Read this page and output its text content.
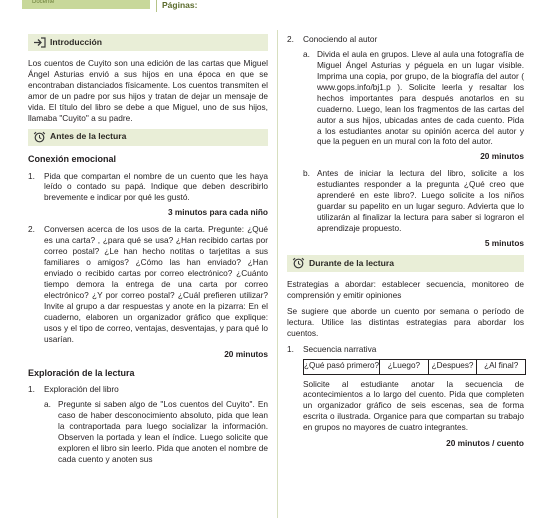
Docente	Páginas:
Introducción

Los cuentos de Cuyito son una edición de las cartas que Miguel Ángel Asturias envió a sus hijos en una época en que se encontraban distanciados físicamente. Los cuentos transmiten el amor de un padre por sus hijos y tratan de dejar un mensaje de vida. El título del libro se debe a que Miguel, uno de sus hijos, llamaba "Cuyito" a su padre.

Antes de la lectura
Conexión emocional
1.	Pida que compartan el nombre de un cuento que les haya leído o contado su papá. Indique que deben describirlo brevemente e indicar por qué les gustó.
3 minutos para cada niño
2.	Conversen acerca de los usos de la carta. Pregunte: ¿Qué es una carta? , ¿para qué se usa? ¿Han recibido cartas por correo postal? ¿Le han hecho notitas o tarjetitas a sus familiares o amigos? ¿Cómo las han enviado? ¿Han enviado o recibido cartas por correo electrónico? ¿Cuánto tiempo demora la entrega de una carta por correo electrónico? ¿Y por correo postal? ¿Cuál prefieren utilizar? Invite al grupo a dar respuestas y anote en la pizarra: En el cuaderno, elaboren un organizador gráfico que explique: usos y el tipo de correo, ventajas, desventajas, y para qué lo usarían.
20 minutos
Exploración de la lectura
1.	Exploración del libro
a. Pregunte si saben algo de "Los cuentos del Cuyito". En caso de haber desconocimiento absoluto, pida que lean la contraportada para luego socializar la información. Observen la portada y lean el índice. Luego solicite que exploren el libro sin leerlo. Pida que anoten el nombre de cada cuento y anoten sus
2.	Conociendo al autor
a. Divida el aula en grupos. Lleve al aula una fotografía de Miguel Ángel Asturias y péguela en un lugar visible. Imprima una copia, por grupo, de la biografía del autor ( www.gops.info/bj1.p ). Solicite leerla y resaltar los hechos importantes para después anotarlos en su cuaderno. Luego, lean los fragmentos de las cartas del autor a sus hijos, ubicadas antes de cada cuento. Pida a los estudiantes anotar su opinión acerca del autor y que la peguen en un mural con la foto del autor.
20 minutos
b. Antes de iniciar la lectura del libro, solicite a los estudiantes responder a la pregunta ¿Qué creo que aprenderé en este libro?. Luego solicite a los niños guardar su papelito en un lugar seguro. Advierta que lo utilizarán al finalizar la lectura para saber si lograron el aprendizaje propuesto.
5 minutos
Durante de la lectura

Estrategias a abordar: establecer secuencia, monitoreo de comprensión y emitir opiniones

Se sugiere que aborde un cuento por semana o período de lectura. Utilice las distintas estrategias para abordar los cuentos.

1.	Secuencia narrativa
¿Qué pasó primero?	¿Luego?	¿Despues?	¿Al final?

Solicite al estudiante anotar la secuencia de acontecimientos a lo largo del cuento. Pida que completen un organizador gráfico de seis escenas, sea de forma escrita o ilustrada. Organice para que compartan su trabajo en grupos no mayores de cuatro integrantes.

20 minutos / cuento
